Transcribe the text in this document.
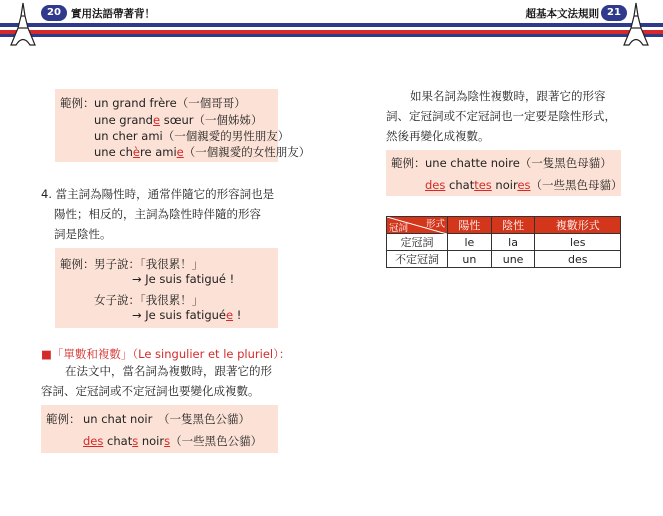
20 實用法語帶著背！	超基本文法規則 21
範例： un grand frère（一個哥哥）
une grande sœur（一個姊姊）
un cher ami（一個親愛的男性朋友）
une chère amie（一個親愛的女性朋友）
4. 當主詞為陽性時，通常伴隨它的形容詞也是
陽性；相反的，主詞為陰性時伴隨的形容
詞是陰性。
範例： 男子說：「我很累！」
→ Je suis fatigué !
女子說：「我很累！」
→ Je suis fatiguée !
■「單數和複數」（Le singulier et le pluriel）：
在法文中，當名詞為複數時，跟著它的形
容詞、定冠詞或不定冠詞也要變化成複數。
範例： un chat noir　（一隻黑色公貓）
des chats noirs（一些黑色公貓）
如果名詞為陰性複數時，跟著它的形容
詞、定冠詞或不定冠詞也一定要是陰性形式，
然後再變化成複數。
範例： une chatte noire（一隻黑色母貓）
des chattes noires（一些黑色母貓）
形式
冠詞	陽性	陰性	複數形式
定冠詞	le	la	les
不定冠詞	un	une	des
